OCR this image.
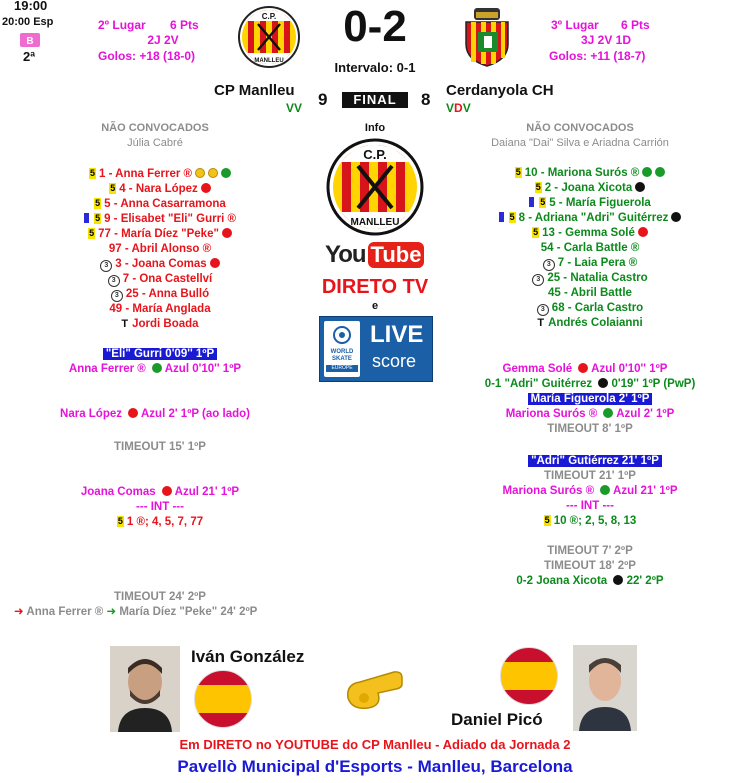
19:00
20:00 Esp
B
2ª
2º Lugar 6 Pts
2J 2V
Golos: +18 (18-0)
C.P.
MANLLEU
0-2
Intervalo: 0-1
3º Lugar 6 Pts
3J 2V 1D
Golos: +11 (18-7)
CP Manlleu
VV 9	FINAL	8 Cerdanyola CH
VDV
NÃO CONVOCADOS
Júlia Cabré
NÃO CONVOCADOS
Daiana "Dai" Silva e Ariadna Carrión
5 1 - Anna Ferrer ®
5 4 - Nara López
5 5 - Anna Casarramona
5 9 - Elisabet "Eli" Gurri ®
5 77 - María Díez "Peke"
97 - Abril Alonso ®
3 3 - Joana Comas
3 7 - Ona Castellví
3 25 - Anna Bulló
49 - María Anglada
T Jordi Boada
5 10 - Mariona Surós ®
5 2 - Joana Xicota
5 5 - María Figuerola
5 8 - Adriana "Adri" Guitérrez
5 13 - Gemma Solé
54 - Carla Battle ®
3 7 - Laia Pera ®
3 25 - Natalia Castro
45 - Abril Battle
3 68 - Carla Castro
T Andrés Colaianni
Info
C.P.
MANLLEU
You Tube
DIRETO TV
e
WORLD SKATE
EUROPE
LIVE
score
"Eli" Gurri 0'09'' 1ºP
Anna Ferrer ® Azul 0'10'' 1ºP
Nara López Azul 2' 1ºP (ao lado)
TIMEOUT 15' 1ºP
Joana Comas Azul 21' 1ºP
--- INT ---
5 1 ®; 4, 5, 7, 77
TIMEOUT 24' 2ºP
➜ Anna Ferrer ® ➜ María Díez "Peke" 24' 2ºP
Gemma Solé Azul 0'10'' 1ºP
0-1 "Adri" Guitérrez 0'19'' 1ºP (PwP)
María Figuerola 2' 1ºP
Mariona Surós ® Azul 2' 1ºP
TIMEOUT 8' 1ºP
"Adri" Gutiérrez 21' 1ºP
TIMEOUT 21' 1ºP
Mariona Surós ® Azul 21' 1ºP
--- INT ---
5 10 ®; 2, 5, 8, 13
TIMEOUT 7' 2ºP
TIMEOUT 18' 2ºP
0-2 Joana Xicota 22' 2ºP
Iván González
Daniel Picó
Em DIRETO no YOUTUBE do CP Manlleu - Adiado da Jornada 2
Pavellò Municipal d'Esports - Manlleu, Barcelona
